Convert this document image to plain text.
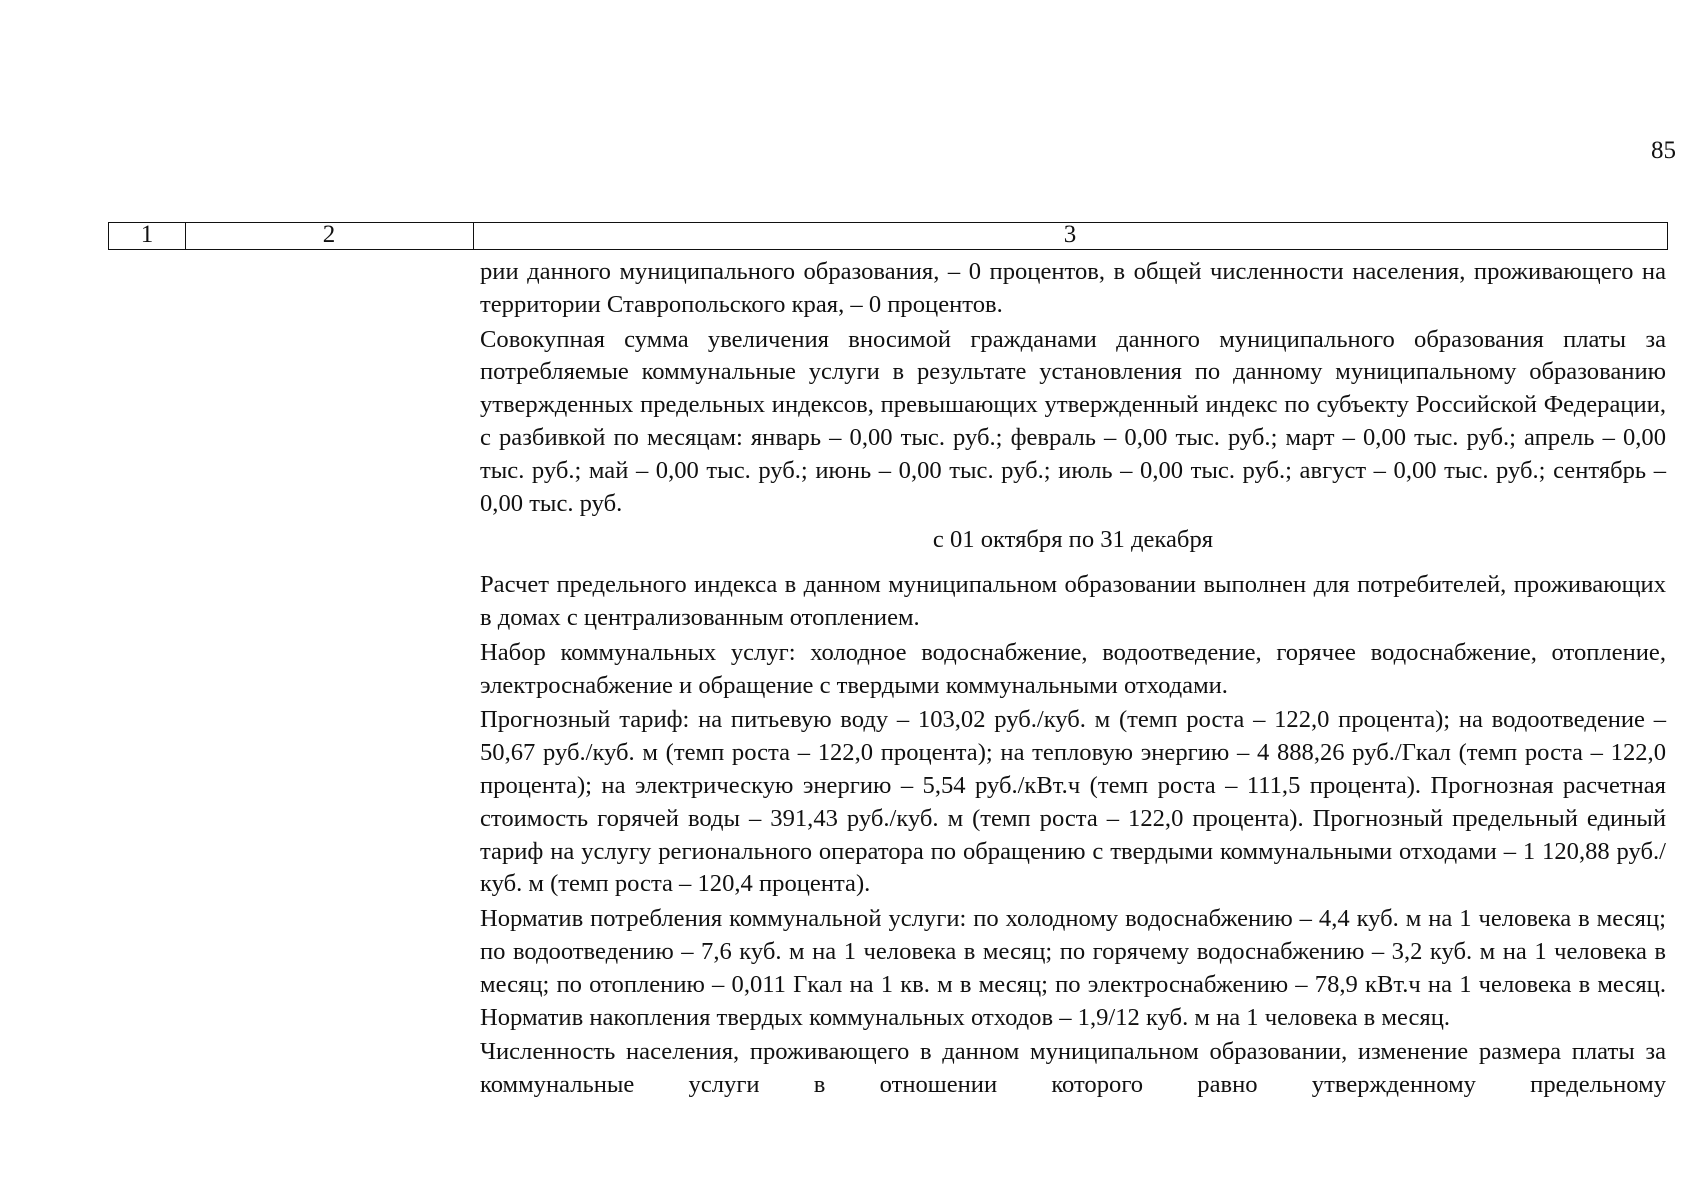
85
1	2	3

рии данного муниципального образования, – 0 процентов, в общей численности населения, проживающего на территории Ставропольского края, – 0 процентов.

Совокупная сумма увеличения вносимой гражданами данного муниципального образования платы за потребляемые коммунальные услуги в результате установления по данному муниципальному образованию утвержденных предельных индексов, превышающих утвержденный индекс по субъекту Российской Федерации, с разбивкой по месяцам: январь – 0,00 тыс. руб.; февраль – 0,00 тыс. руб.; март – 0,00 тыс. руб.; апрель – 0,00 тыс. руб.; май – 0,00 тыс. руб.; июнь – 0,00 тыс. руб.; июль – 0,00 тыс. руб.; август – 0,00 тыс. руб.; сентябрь – 0,00 тыс. руб.

с 01 октября по 31 декабря

Расчет предельного индекса в данном муниципальном образовании выполнен для потребителей, проживающих в домах с централизованным отоплением.

Набор коммунальных услуг: холодное водоснабжение, водоотведение, горячее водоснабжение, отопление, электроснабжение и обращение с твердыми коммунальными отходами.

Прогнозный тариф: на питьевую воду – 103,02 руб./куб. м (темп роста – 122,0 процента); на водоотведение – 50,67 руб./куб. м (темп роста – 122,0 процента); на тепловую энергию – 4 888,26 руб./Гкал (темп роста – 122,0 процента); на электрическую энергию – 5,54 руб./кВт.ч (темп роста – 111,5 процента). Прогнозная расчетная стоимость горячей воды – 391,43 руб./куб. м (темп роста – 122,0 процента). Прогнозный предельный единый тариф на услугу регионального оператора по обращению с твердыми коммунальными отходами – 1 120,88 руб./куб. м (темп роста – 120,4 процента).

Норматив потребления коммунальной услуги: по холодному водоснабжению – 4,4 куб. м на 1 человека в месяц; по водоотведению – 7,6 куб. м на 1 человека в месяц; по горячему водоснабжению – 3,2 куб. м на 1 человека в месяц; по отоплению – 0,011 Гкал на 1 кв. м в месяц; по электроснабжению – 78,9 кВт.ч на 1 человека в месяц. Норматив накопления твердых коммунальных отходов – 1,9/12 куб. м на 1 человека в месяц.

Численность населения, проживающего в данном муниципальном образовании, изменение размера платы за коммунальные услуги в отношении которого равно утвержденному предельному
